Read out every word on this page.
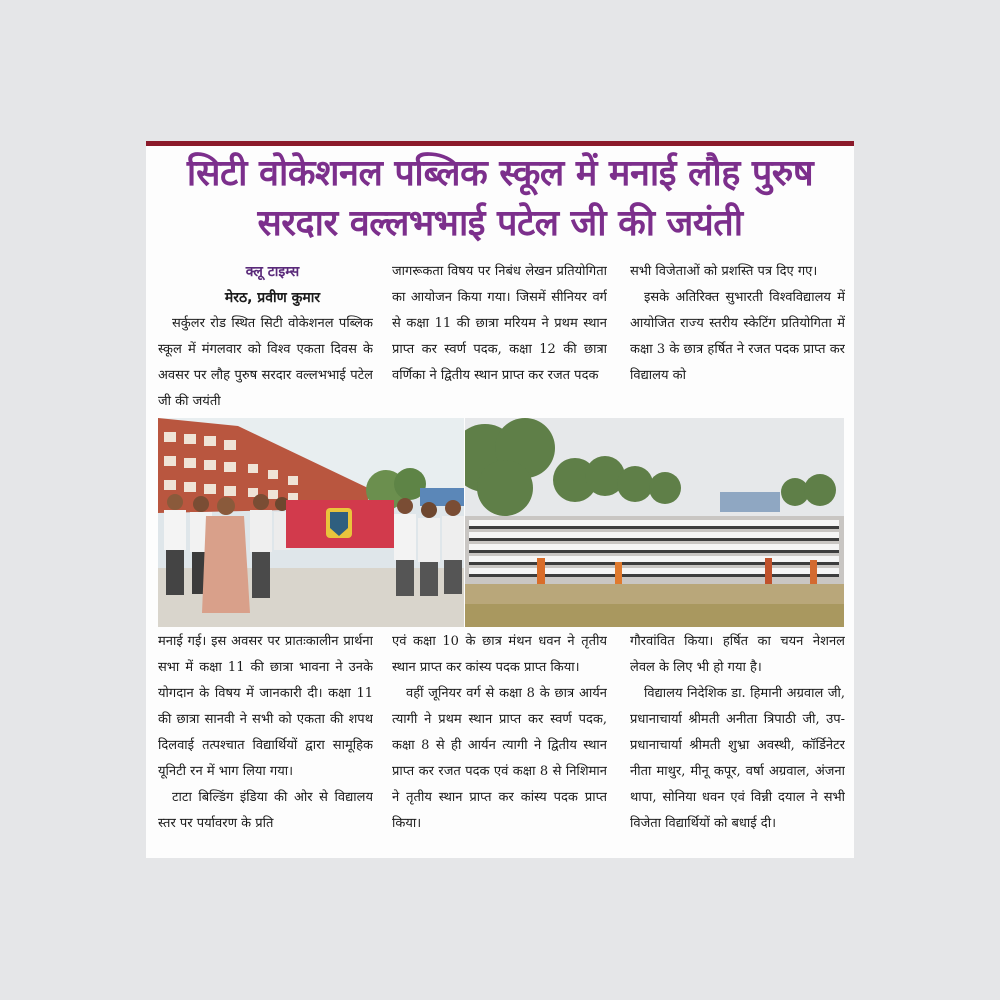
सिटी वोकेशनल पब्लिक स्कूल में मनाई लौह पुरुष सरदार वल्लभभाई पटेल जी की जयंती

क्लू टाइम्स

मेरठ, प्रवीण कुमार

सर्कुलर रोड स्थित सिटी वोकेशनल पब्लिक स्कूल में मंगलवार को विश्व एकता दिवस के अवसर पर लौह पुरुष सरदार वल्लभभाई पटेल जी की जयंती

जागरूकता विषय पर निबंध लेखन प्रतियोगिता का आयोजन किया गया। जिसमें सीनियर वर्ग से कक्षा 11 की छात्रा मरियम ने प्रथम स्थान प्राप्त कर स्वर्ण पदक, कक्षा 12 की छात्रा वर्णिका ने द्वितीय स्थान प्राप्त कर रजत पदक

सभी विजेताओं को प्रशस्ति पत्र दिए गए।

इसके अतिरिक्त सुभारती विश्वविद्यालय में आयोजित राज्य स्तरीय स्केटिंग प्रतियोगिता में कक्षा 3 के छात्र हर्षित ने रजत पदक प्राप्त कर विद्यालय को

मनाई गई। इस अवसर पर प्रातःकालीन प्रार्थना सभा में कक्षा 11 की छात्रा भावना ने उनके योगदान के विषय में जानकारी दी। कक्षा 11 की छात्रा सानवी ने सभी को एकता की शपथ दिलवाई तत्पश्चात विद्यार्थियों द्वारा सामूहिक यूनिटी रन में भाग लिया गया।

टाटा बिल्डिंग इंडिया की ओर से विद्यालय स्तर पर पर्यावरण के प्रति

एवं कक्षा 10 के छात्र मंथन धवन ने तृतीय स्थान प्राप्त कर कांस्य पदक प्राप्त किया।

वहीं जूनियर वर्ग से कक्षा 8 के छात्र आर्यन त्यागी ने प्रथम स्थान प्राप्त कर स्वर्ण पदक, कक्षा 8 से ही आर्यन त्यागी ने द्वितीय स्थान प्राप्त कर रजत पदक एवं कक्षा 8 से निशिमान ने तृतीय स्थान प्राप्त कर कांस्य पदक प्राप्त किया।

गौरवांवित किया। हर्षित का चयन नेशनल लेवल के लिए भी हो गया है।

विद्यालय निदेशिक डा. हिमानी अग्रवाल जी, प्रधानाचार्या श्रीमती अनीता त्रिपाठी जी, उप- प्रधानाचार्या श्रीमती शुभ्रा अवस्थी, कॉर्डिनेटर नीता माथुर, मीनू कपूर, वर्षा अग्रवाल, अंजना थापा, सोनिया धवन एवं विन्नी दयाल ने सभी विजेता विद्यार्थियों को बधाई दी।
